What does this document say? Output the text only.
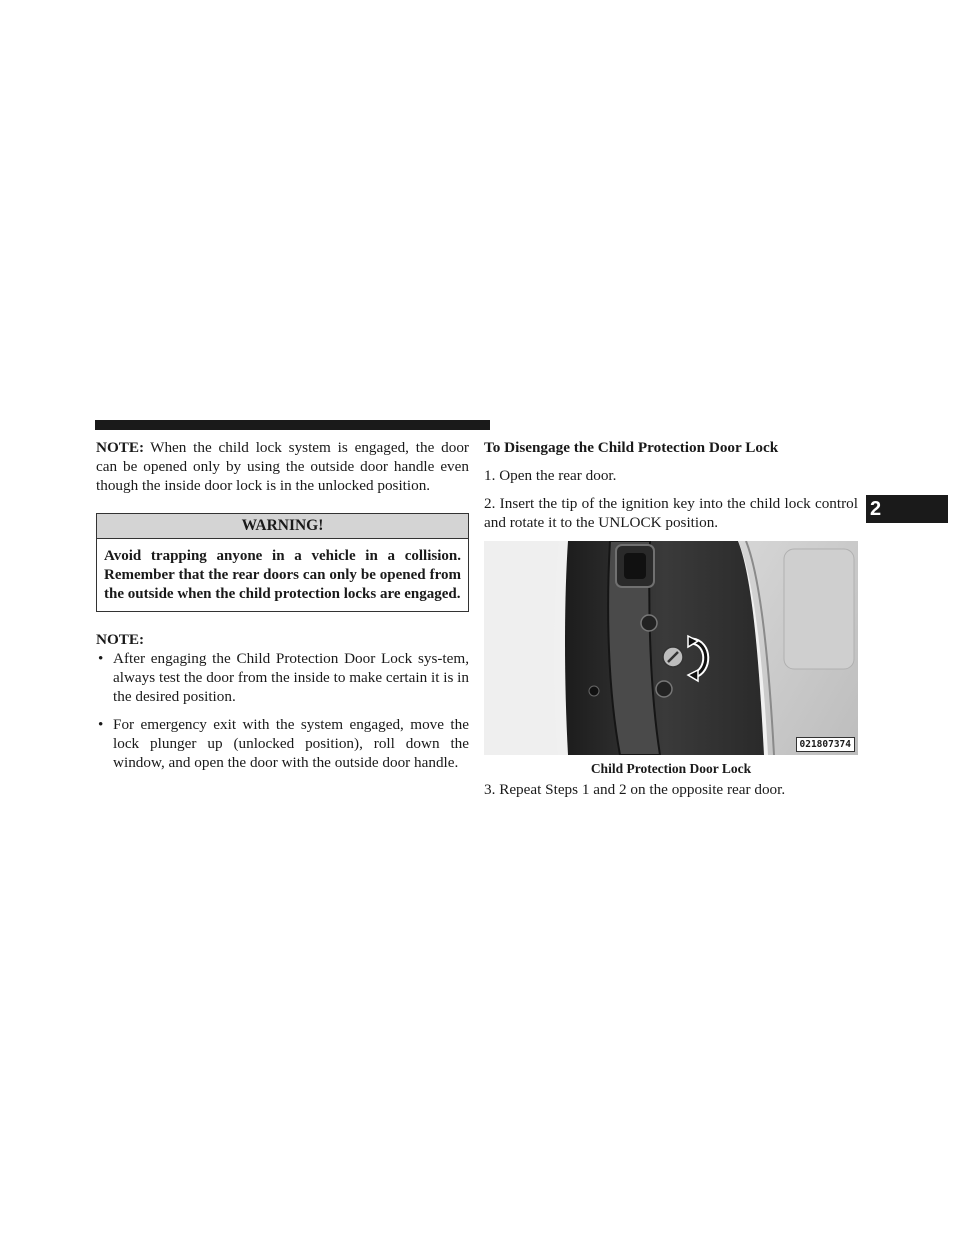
NOTE: When the child lock system is engaged, the door can be opened only by using the outside door handle even though the inside door lock is in the unlocked position.

WARNING!
Avoid trapping anyone in a vehicle in a collision. Remember that the rear doors can only be opened from the outside when the child protection locks are engaged.
NOTE:
• After engaging the Child Protection Door Lock sys-tem, always test the door from the inside to make certain it is in the desired position.
• For emergency exit with the system engaged, move the lock plunger up (unlocked position), roll down the window, and open the door with the outside door handle.
To Disengage the Child Protection Door Lock

1. Open the rear door.

2. Insert the tip of the ignition key into the child lock control and rotate it to the UNLOCK position.

021807374
Child Protection Door Lock

3. Repeat Steps 1 and 2 on the opposite rear door.

2
